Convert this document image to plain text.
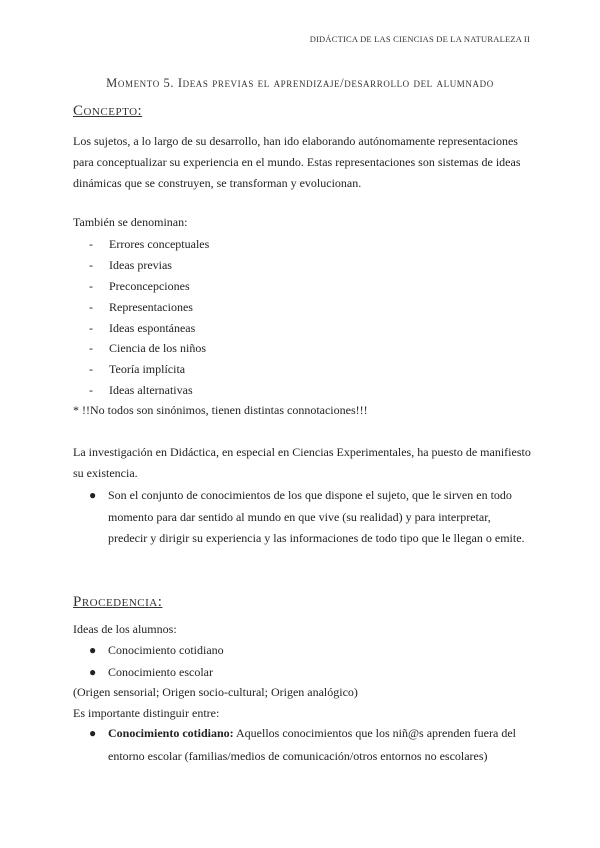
DIDÁCTICA DE LAS CIENCIAS DE LA NATURALEZA II
Momento 5. Ideas previas el aprendizaje/desarrollo del alumnado
Concepto:
Los sujetos, a lo largo de su desarrollo, han ido elaborando autónomamente representaciones para conceptualizar su experiencia en el mundo. Estas representaciones son sistemas de ideas dinámicas que se construyen, se transforman y evolucionan.
También se denominan:
- Errores conceptuales
- Ideas previas
- Preconcepciones
- Representaciones
- Ideas espontáneas
- Ciencia de los niños
- Teoría implícita
- Ideas alternativas
* !!No todos son sinónimos, tienen distintas connotaciones!!!
La investigación en Didáctica, en especial en Ciencias Experimentales, ha puesto de manifiesto su existencia.
● Son el conjunto de conocimientos de los que dispone el sujeto, que le sirven en todo momento para dar sentido al mundo en que vive (su realidad) y para interpretar, predecir y dirigir su experiencia y las informaciones de todo tipo que le llegan o emite.
Procedencia:
Ideas de los alumnos:
● Conocimiento cotidiano
● Conocimiento escolar
(Origen sensorial; Origen socio-cultural; Origen analógico)
Es importante distinguir entre:
● Conocimiento cotidiano: Aquellos conocimientos que los niñ@s aprenden fuera del entorno escolar (familias/medios de comunicación/otros entornos no escolares)
